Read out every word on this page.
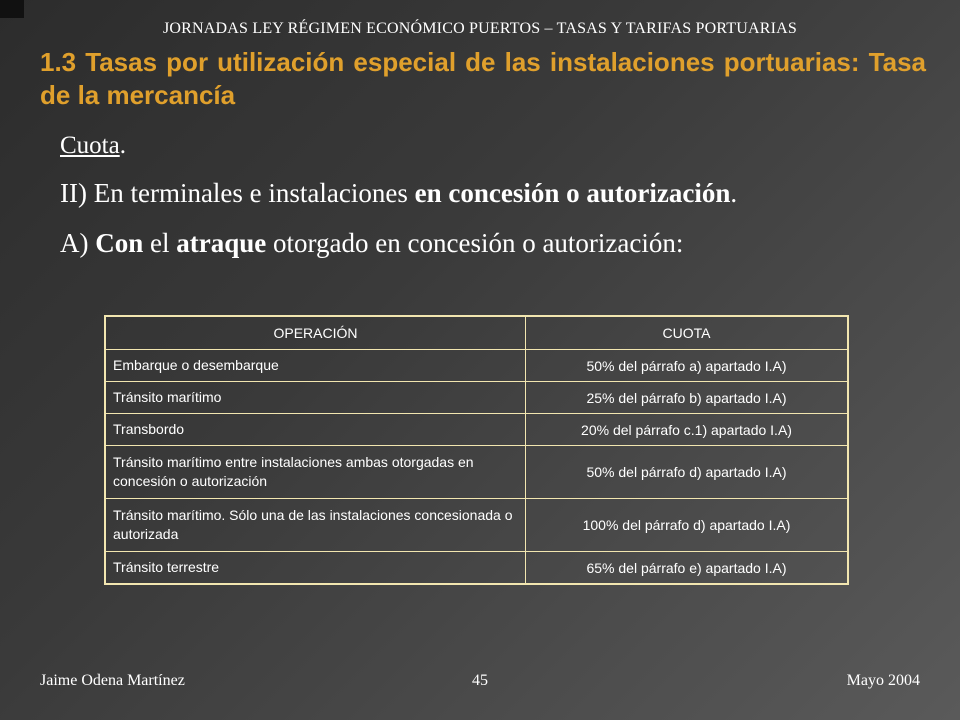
JORNADAS LEY RÉGIMEN ECONÓMICO PUERTOS – TASAS Y TARIFAS PORTUARIAS
1.3 Tasas por utilización especial de las instalaciones portuarias: Tasa de la mercancía

Cuota.

II) En terminales e instalaciones en concesión o autorización.

A) Con el atraque otorgado en concesión o autorización:

OPERACIÓN	CUOTA
Embarque o desembarque	50% del párrafo a) apartado I.A)
Tránsito marítimo	25% del párrafo b) apartado I.A)
Transbordo	20% del párrafo c.1) apartado I.A)
Tránsito marítimo entre instalaciones ambas otorgadas en concesión o autorización	50% del párrafo d) apartado I.A)
Tránsito marítimo. Sólo una de las instalaciones concesionada o autorizada	100% del párrafo d) apartado I.A)
Tránsito terrestre	65% del párrafo e) apartado I.A)
Jaime Odena Martínez	45	Mayo 2004
